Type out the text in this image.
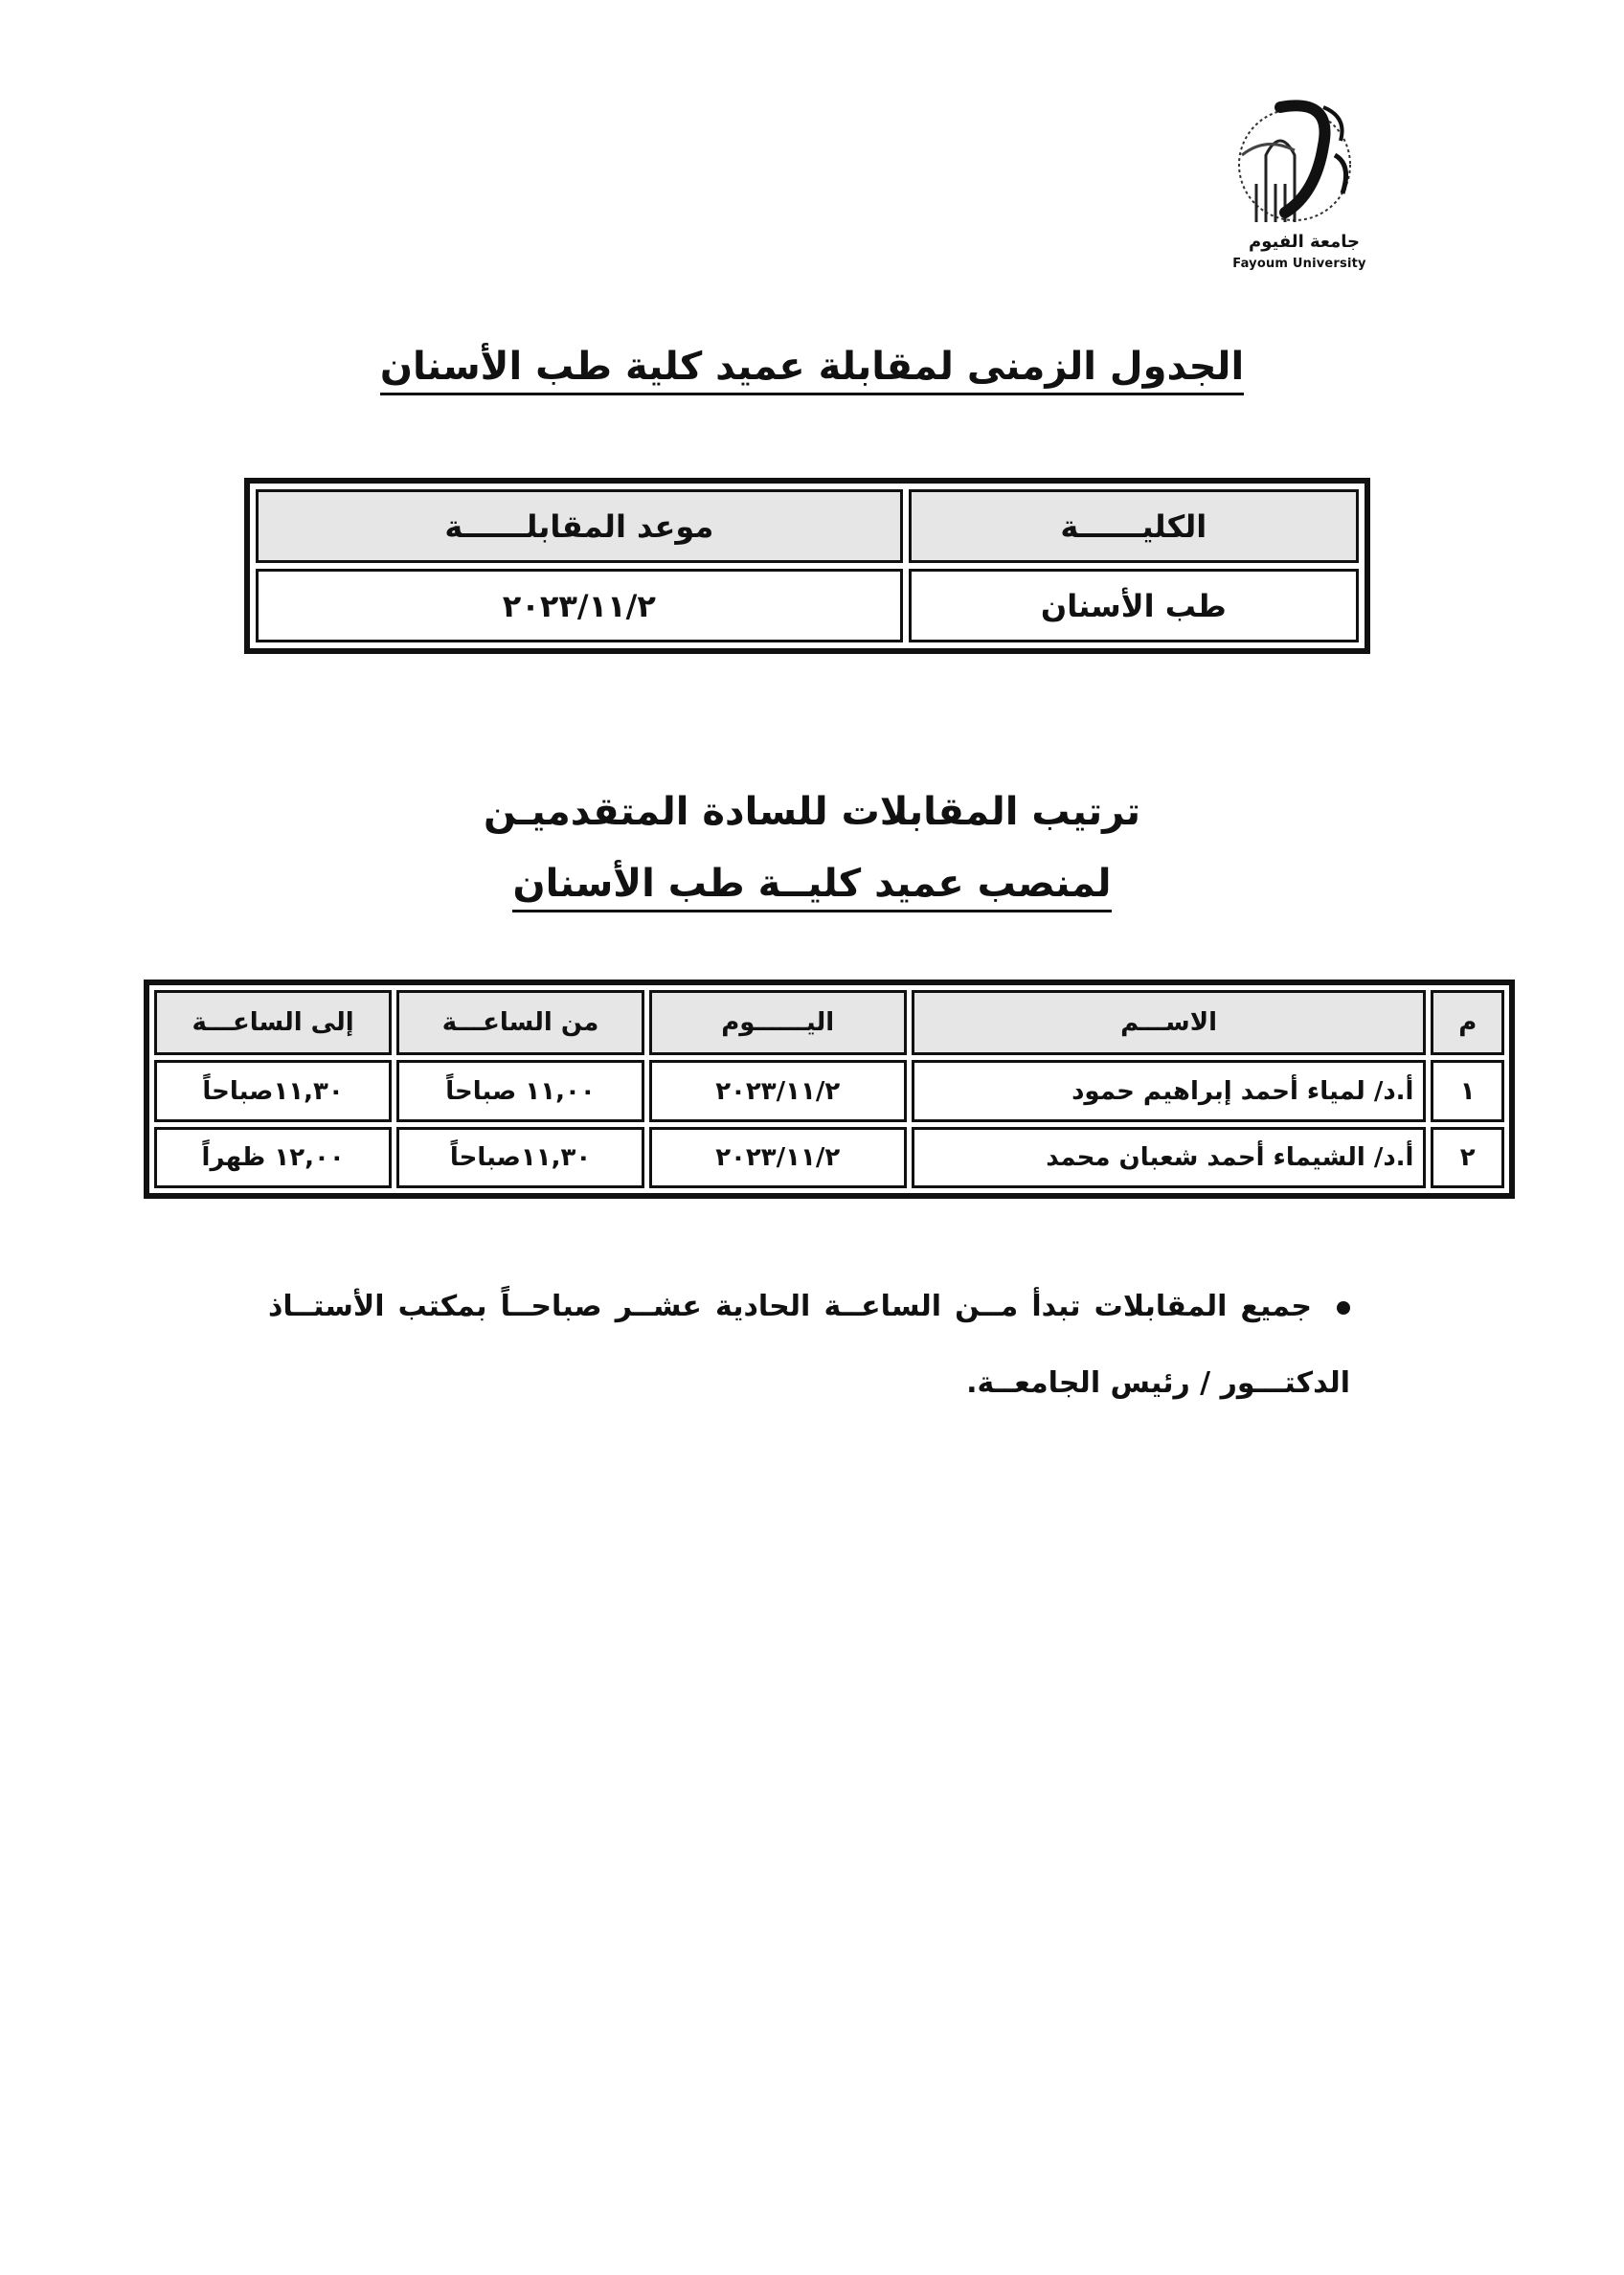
جامعة الفيوم
Fayoum University
الجدول الزمنى لمقابلة عميد كلية طب الأسنان
الكليــــــة	موعد المقابلــــــة
طب الأسنان	٢٠٢٣/١١/٢
ترتيب المقابلات للسادة المتقدميـن
لمنصب عميد كليــة طب الأسنان
م	الاســـم	اليــــــوم	من الساعـــة	إلى الساعـــة
١	أ.د/ لمياء أحمد إبراهيم حمود	٢٠٢٣/١١/٢	١١,٠٠ صباحاً	١١,٣٠صباحاً
٢	أ.د/ الشيماء أحمد شعبان محمد	٢٠٢٣/١١/٢	١١,٣٠صباحاً	١٢,٠٠ ظهراً
جميع المقابلات تبدأ مــن الساعــة الحادية عشــر صباحــاً بمكتب الأستــاذ الدكتـــور / رئيس الجامعــة.
